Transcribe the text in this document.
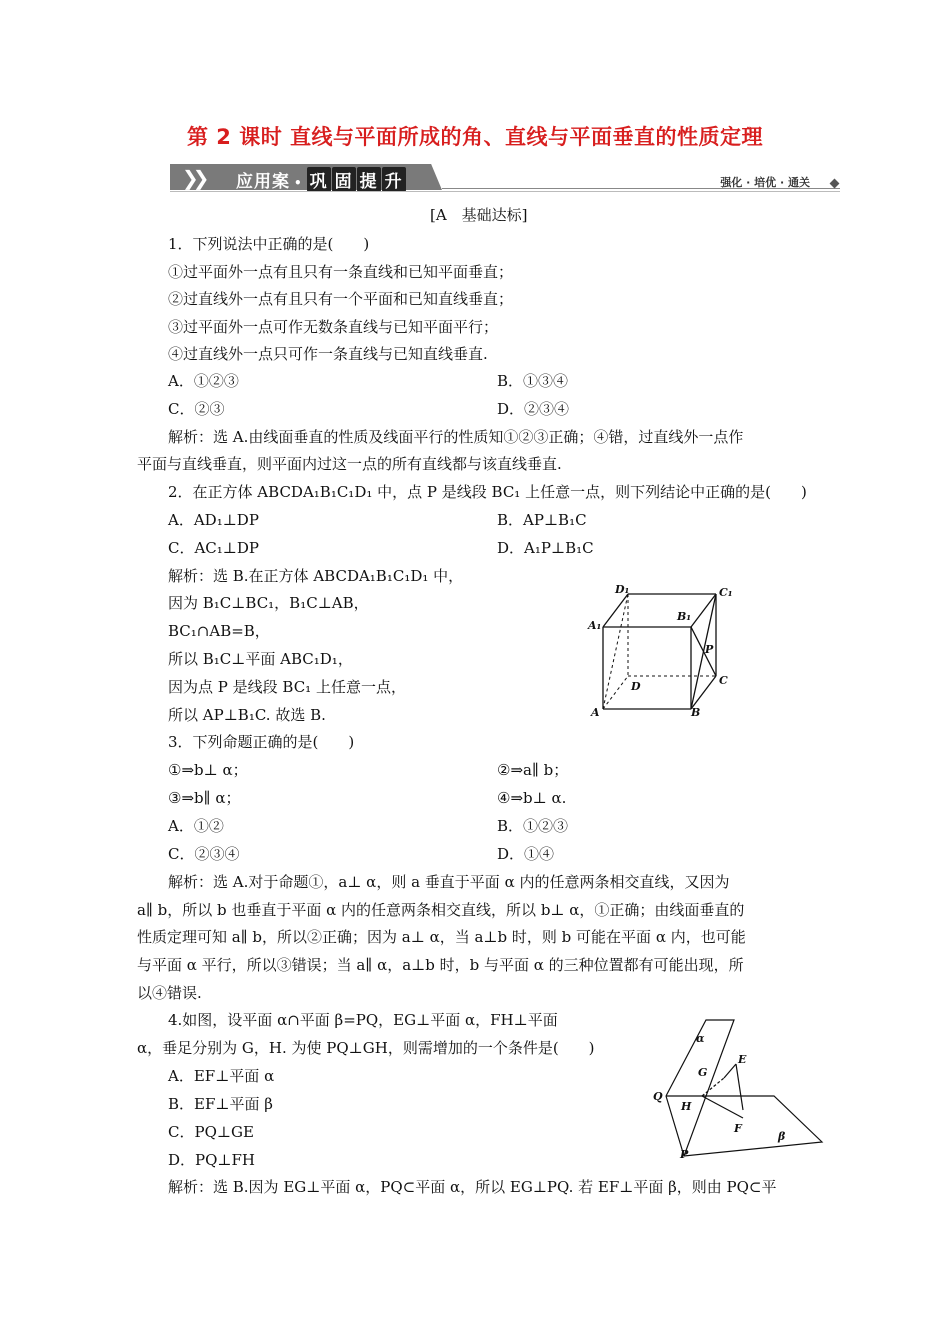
第 2 课时 直线与平面所成的角、直线与平面垂直的性质定理
❯❯ 应用案 • 巩 固 提 升	强化 · 培优 · 通关
[A　基础达标]
1．下列说法中正确的是(　　)
①过平面外一点有且只有一条直线和已知平面垂直；
②过直线外一点有且只有一个平面和已知直线垂直；
③过平面外一点可作无数条直线与已知平面平行；
④过直线外一点只可作一条直线与已知直线垂直.
A．①②③	B．①③④
C．②③	D．②③④
解析：选 A.由线面垂直的性质及线面平行的性质知①②③正确；④错，过直线外一点作
平面与直线垂直，则平面内过这一点的所有直线都与该直线垂直.
2．在正方体 ABCDA₁B₁C₁D₁ 中，点 P 是线段 BC₁ 上任意一点，则下列结论中正确的是(　　)
A．AD₁⊥DP	B．AP⊥B₁C
C．AC₁⊥DP	D．A₁P⊥B₁C
解析：选 B.在正方体 ABCDA₁B₁C₁D₁ 中，
因为 B₁C⊥BC₁，B₁C⊥AB，
BC₁∩AB=B，
所以 B₁C⊥平面 ABC₁D₁，
因为点 P 是线段 BC₁ 上任意一点，
所以 AP⊥B₁C. 故选 B.
D₁	C₁
A₁
B₁
P
D	C
A	B
3．下列命题正确的是(　　)
①⇒b⊥ α；	②⇒a∥ b；
③⇒b∥ α；	④⇒b⊥ α.
A．①②	B．①②③
C．②③④	D．①④
解析：选 A.对于命题①，a⊥ α，则 a 垂直于平面 α 内的任意两条相交直线，又因为
a∥ b，所以 b 也垂直于平面 α 内的任意两条相交直线，所以 b⊥ α，①正确；由线面垂直的
性质定理可知 a∥ b，所以②正确；因为 a⊥ α，当 a⊥b 时，则 b 可能在平面 α 内，也可能
与平面 α 平行，所以③错误；当 a∥ α，a⊥b 时，b 与平面 α 的三种位置都有可能出现，所
以④错误.
4.如图，设平面 α∩平面 β=PQ，EG⊥平面 α，FH⊥平面
α，垂足分别为 G，H. 为使 PQ⊥GH，则需增加的一个条件是(　　)
A．EF⊥平面 α
B．EF⊥平面 β
C．PQ⊥GE
D．PQ⊥FH
解析：选 B.因为 EG⊥平面 α，PQ⊂平面 α，所以 EG⊥PQ. 若 EF⊥平面 β，则由 PQ⊂平
α
G
E
Q
H
F
β
P
